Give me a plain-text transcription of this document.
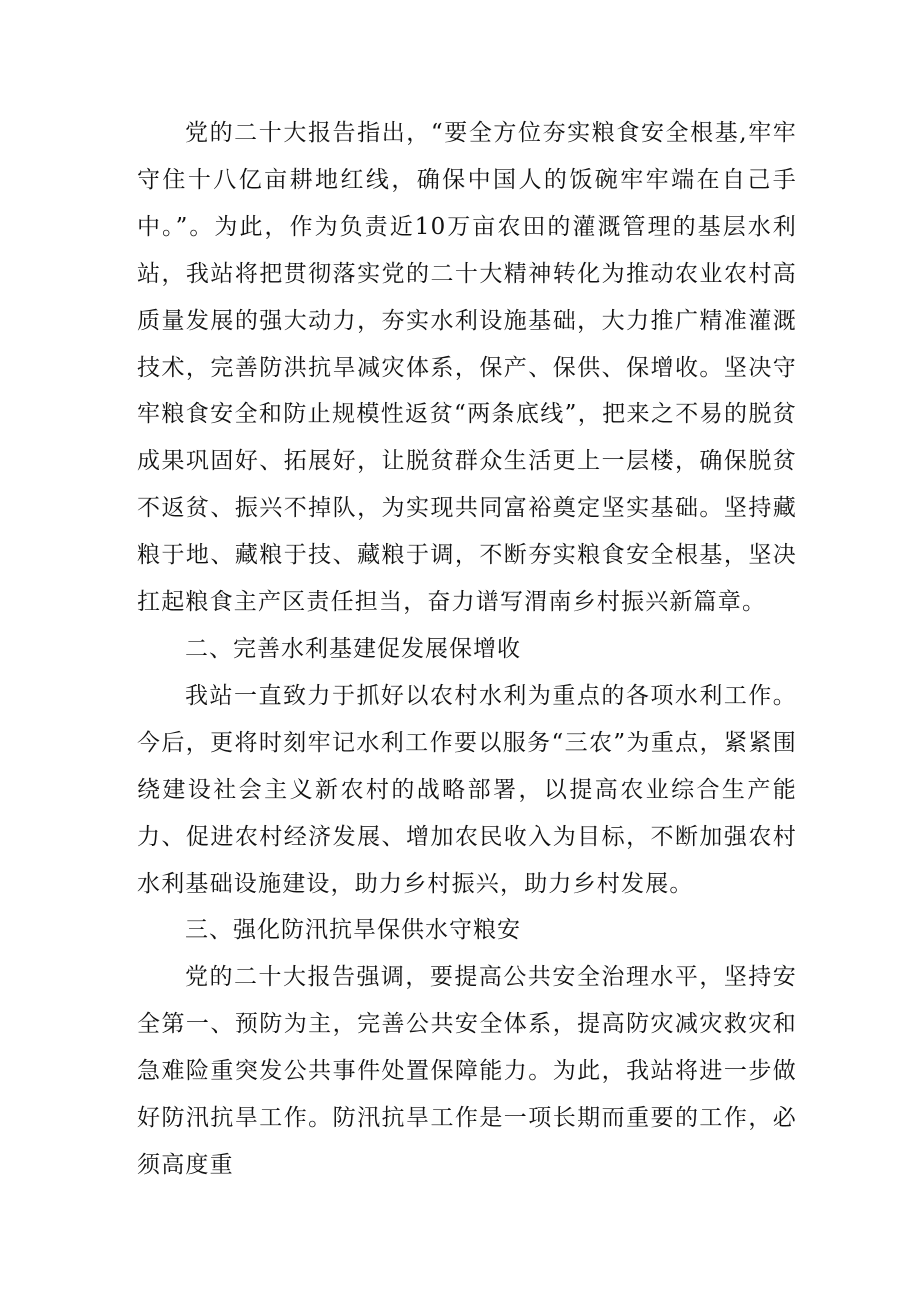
党的二十大报告指出，“要全方位夯实粮食安全根基,牢牢守住十八亿亩耕地红线，确保中国人的饭碗牢牢端在自己手中。”。为此，作为负责近10万亩农田的灌溉管理的基层水利站，我站将把贯彻落实党的二十大精神转化为推动农业农村高质量发展的强大动力，夯实水利设施基础，大力推广精准灌溉技术，完善防洪抗旱减灾体系，保产、保供、保增收。坚决守牢粮食安全和防止规模性返贫“两条底线”，把来之不易的脱贫成果巩固好、拓展好，让脱贫群众生活更上一层楼，确保脱贫不返贫、振兴不掉队，为实现共同富裕奠定坚实基础。坚持藏粮于地、藏粮于技、藏粮于调，不断夯实粮食安全根基，坚决扛起粮食主产区责任担当，奋力谱写渭南乡村振兴新篇章。

二、完善水利基建促发展保增收

我站一直致力于抓好以农村水利为重点的各项水利工作。今后，更将时刻牢记水利工作要以服务“三农”为重点，紧紧围绕建设社会主义新农村的战略部署，以提高农业综合生产能力、促进农村经济发展、增加农民收入为目标，不断加强农村水利基础设施建设，助力乡村振兴，助力乡村发展。

三、强化防汛抗旱保供水守粮安

党的二十大报告强调，要提高公共安全治理水平，坚持安全第一、预防为主，完善公共安全体系，提高防灾减灾救灾和急难险重突发公共事件处置保障能力。为此，我站将进一步做好防汛抗旱工作。防汛抗旱工作是一项长期而重要的工作，必须高度重
